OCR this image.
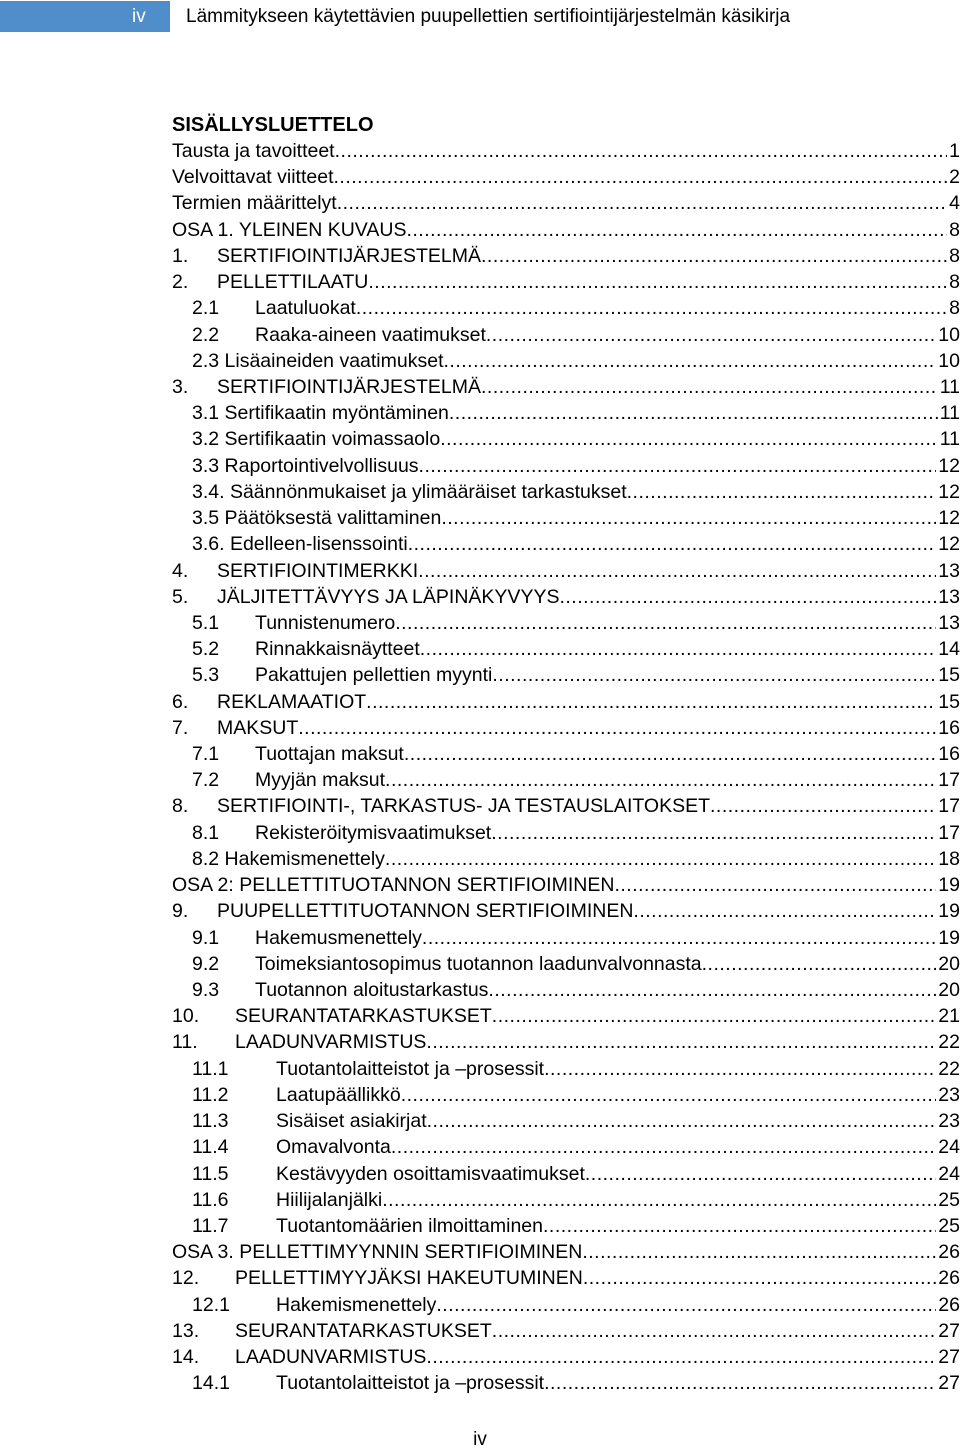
iv	Lämmitykseen käytettävien puupellettien sertifiointijärjestelmän käsikirja
SISÄLLYSLUETTELO
Tausta ja tavoitteet .....	1
Velvoittavat viitteet .....	2
Termien määrittelyt .....	4
OSA 1. YLEINEN KUVAUS .....	8
1.	SERTIFIOINTIJÄRJESTELMÄ .....	8
2.	PELLETTILAATU .....	8
2.1	Laatuluokat .....	8
2.2	Raaka-aineen vaatimukset .....	10
2.3 Lisäaineiden vaatimukset .....	10
3.	SERTIFIOINTIJÄRJESTELMÄ .....	11
3.1 Sertifikaatin myöntäminen .....	11
3.2 Sertifikaatin voimassaolo .....	11
3.3 Raportointivelvollisuus .....	12
3.4. Säännönmukaiset ja ylimääräiset tarkastukset .....	12
3.5 Päätöksestä valittaminen .....	12
3.6. Edelleen-lisenssointi .....	12
4.	SERTIFIOINTIMERKKI .....	13
5.	JÄLJITETTÄVYYS JA LÄPINÄKYVYYS .....	13
5.1	Tunnistenumero .....	13
5.2	Rinnakkaisnäytteet .....	14
5.3	Pakattujen pellettien myynti .....	15
6.	REKLAMAATIOT .....	15
7.	MAKSUT .....	16
7.1	Tuottajan maksut .....	16
7.2	Myyjän maksut .....	17
8.	SERTIFIOINTI-, TARKASTUS- JA TESTAUSLAITOKSET .....	17
8.1	Rekisteröitymisvaatimukset .....	17
8.2 Hakemismenettely .....	18
OSA 2: PELLETTITUOTANNON SERTIFIOIMINEN .....	19
9.	PUUPELLETTITUOTANNON SERTIFIOIMINEN .....	19
9.1	Hakemusmenettely .....	19
9.2	Toimeksiantosopimus tuotannon laadunvalvonnasta .....	20
9.3	Tuotannon aloitustarkastus .....	20
10.	SEURANTATARKASTUKSET .....	21
11.	LAADUNVARMISTUS .....	22
11.1	Tuotantolaitteistot ja –prosessit .....	22
11.2	Laatupäällikkö .....	23
11.3	Sisäiset asiakirjat .....	23
11.4	Omavalvonta .....	24
11.5	Kestävyyden osoittamisvaatimukset .....	24
11.6	Hiilijalanjälki .....	25
11.7	Tuotantomäärien ilmoittaminen .....	25
OSA 3. PELLETTIMYYNNIN SERTIFIOIMINEN .....	26
12.	PELLETTIMYYJÄKSI HAKEUTUMINEN .....	26
12.1	Hakemismenettely .....	26
13.	SEURANTATARKASTUKSET .....	27
14.	LAADUNVARMISTUS .....	27
14.1	Tuotantolaitteistot ja –prosessit .....	27
iv
